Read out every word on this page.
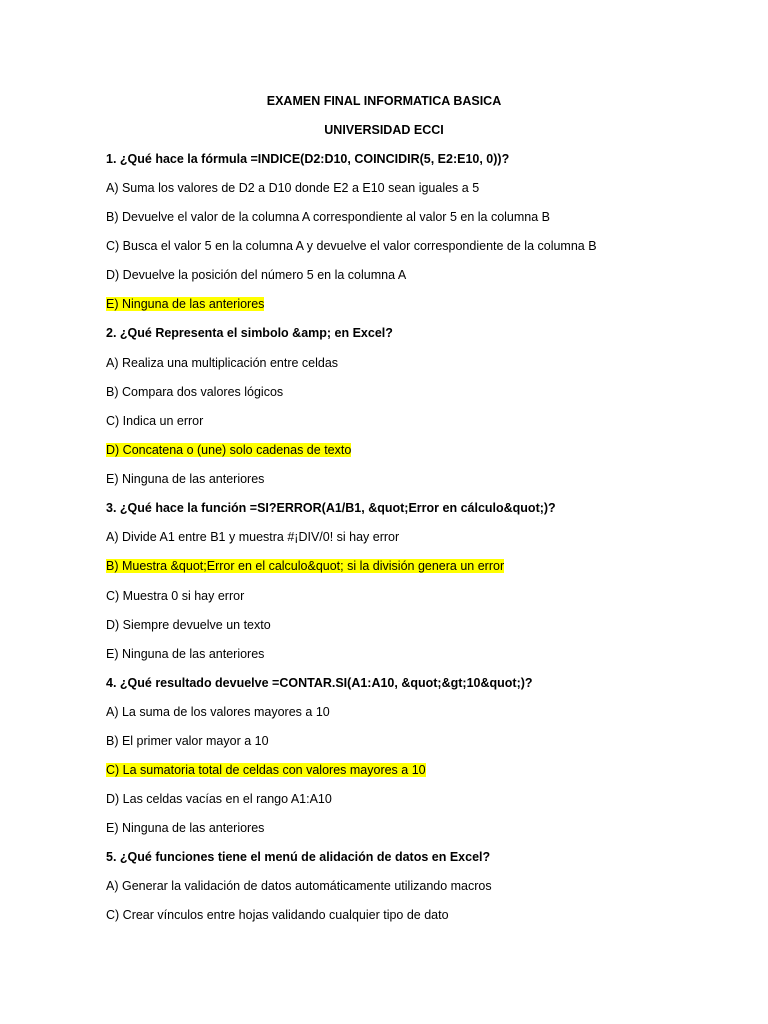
EXAMEN FINAL INFORMATICA BASICA
UNIVERSIDAD ECCI
1. ¿Qué hace la fórmula =INDICE(D2:D10, COINCIDIR(5, E2:E10, 0))?
A) Suma los valores de D2 a D10 donde E2 a E10 sean iguales a 5
B) Devuelve el valor de la columna A correspondiente al valor 5 en la columna B
C) Busca el valor 5 en la columna A y devuelve el valor correspondiente de la columna B
D) Devuelve la posición del número 5 en la columna A
E) Ninguna de las anteriores
2. ¿Qué Representa el simbolo &amp; en Excel?
A) Realiza una multiplicación entre celdas
B) Compara dos valores lógicos
C) Indica un error
D) Concatena o (une) solo cadenas de texto
E) Ninguna de las anteriores
3. ¿Qué hace la función =SI?ERROR(A1/B1, &quot;Error en cálculo&quot;)?
A) Divide A1 entre B1 y muestra #¡DIV/0! si hay error
B) Muestra &quot;Error en el calculo&quot; si la división genera un error
C) Muestra 0 si hay error
D) Siempre devuelve un texto
E) Ninguna de las anteriores
4. ¿Qué resultado devuelve =CONTAR.SI(A1:A10, &quot;&gt;10&quot;)?
A) La suma de los valores mayores a 10
B) El primer valor mayor a 10
C) La sumatoria total de celdas con valores mayores a 10
D) Las celdas vacías en el rango A1:A10
E) Ninguna de las anteriores
5. ¿Qué funciones tiene el menú de alidación de datos en Excel?
A) Generar la validación de datos automáticamente utilizando macros
C) Crear vínculos entre hojas validando cualquier tipo de dato
